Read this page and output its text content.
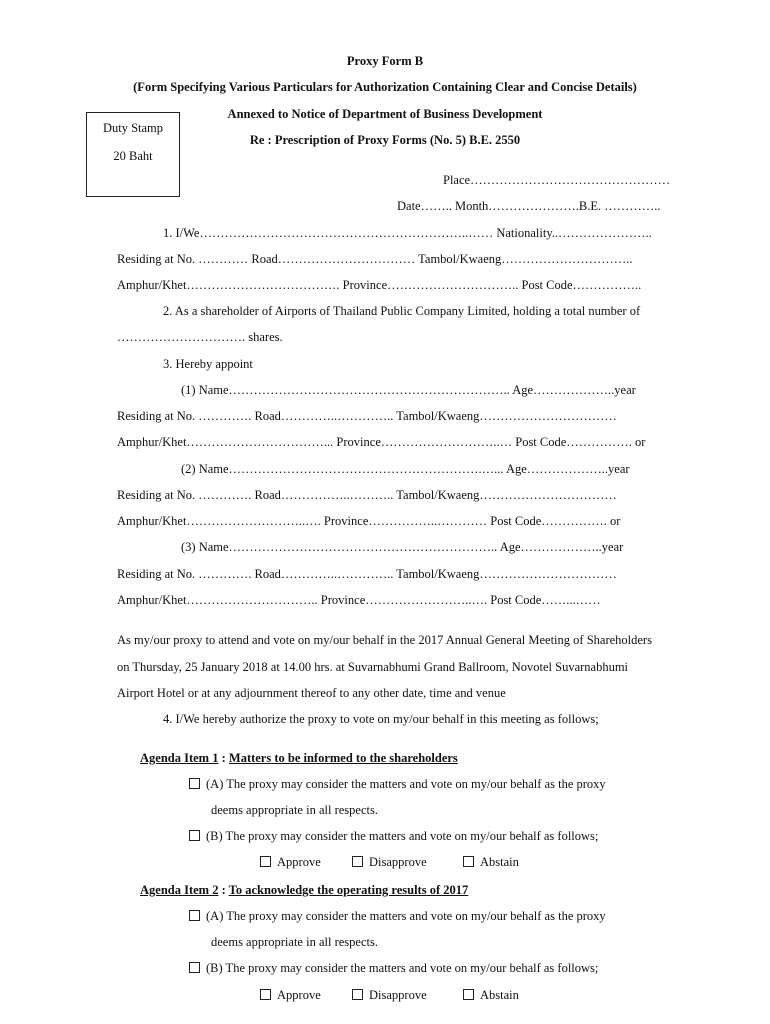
Proxy Form B
(Form Specifying Various Particulars for Authorization Containing Clear and Concise Details)
Annexed to Notice of Department of Business Development
Re : Prescription of Proxy Forms (No. 5) B.E. 2550
Duty Stamp
20 Baht
Place…………………………………………
Date…….. Month………………….B.E. …………..
1. I/We………………………………………………………..…… Nationality..…………………..
Residing at No. ………… Road…………………………… Tambol/Kwaeng…………………………..
Amphur/Khet………………………………. Province………………………….. Post Code……………..
2. As a shareholder of Airports of Thailand Public Company Limited, holding a total number of
…………………………. shares.
3. Hereby appoint
(1) Name………………………………………………………….. Age………………..year
Residing at No. …………. Road…………..………….. Tambol/Kwaeng……………………………
Amphur/Khet……………………………... Province………………………..… Post Code……………. or
(2) Name…………………………………………………….…... Age………………..year
Residing at No. …………. Road……………..……….. Tambol/Kwaeng……………………………
Amphur/Khet………………………..…. Province……………..………… Post Code……………. or
(3) Name……………………………………………………….. Age………………..year
Residing at No. …………. Road…………..………….. Tambol/Kwaeng……………………………
Amphur/Khet………………………….. Province……………………..…. Post Code……...……
As my/our proxy to attend and vote on my/our behalf in the 2017 Annual General Meeting of Shareholders
on Thursday, 25 January 2018 at 14.00 hrs. at Suvarnabhumi Grand Ballroom, Novotel Suvarnabhumi
Airport Hotel or at any adjournment thereof to any other date, time and venue
4. I/We hereby authorize the proxy to vote on my/our behalf in this meeting as follows;
Agenda Item 1 : Matters to be informed to the shareholders
(A) The proxy may consider the matters and vote on my/our behalf as the proxy
deems appropriate in all respects.
(B) The proxy may consider the matters and vote on my/our behalf as follows;
Approve	Disapprove	Abstain
Agenda Item 2 : To acknowledge the operating results of 2017
(A) The proxy may consider the matters and vote on my/our behalf as the proxy
deems appropriate in all respects.
(B) The proxy may consider the matters and vote on my/our behalf as follows;
Approve	Disapprove	Abstain
